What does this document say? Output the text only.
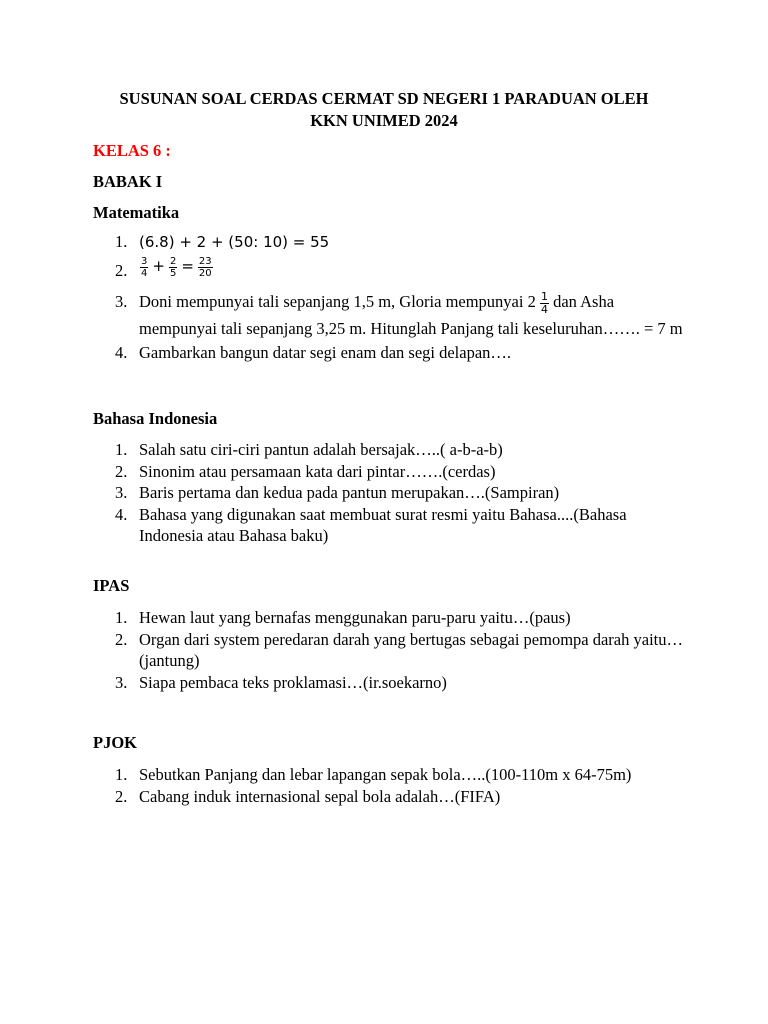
SUSUNAN SOAL CERDAS CERMAT SD NEGERI 1 PARADUAN OLEH
KKN UNIMED 2024
KELAS 6 :
BABAK I
Matematika
1. (6.8) + 2 + (50: 10) = 55
2. $\frac{3}{4} + \frac{2}{5} = \frac{23}{20}$
3. Doni mempunyai tali sepanjang 1,5 m, Gloria mempunyai $2 \frac{1}{4}$ dan Asha mempunyai tali sepanjang 3,25 m. Hitunglah Panjang tali keseluruhan……. = 7 m
4. Gambarkan bangun datar segi enam dan segi delapan….
Bahasa Indonesia
1. Salah satu ciri-ciri pantun adalah bersajak…..( a-b-a-b)
2. Sinonim atau persamaan kata dari pintar…….(cerdas)
3. Baris pertama dan kedua pada pantun merupakan….(Sampiran)
4. Bahasa yang digunakan saat membuat surat resmi yaitu Bahasa....(Bahasa Indonesia atau Bahasa baku)
IPAS
1. Hewan laut yang bernafas menggunakan paru-paru yaitu…(paus)
2. Organ dari system peredaran darah yang bertugas sebagai pemompa darah yaitu…(jantung)
3. Siapa pembaca teks proklamasi…(ir.soekarno)
PJOK
1. Sebutkan Panjang dan lebar lapangan sepak bola…..(100-110m x 64-75m)
2. Cabang induk internasional sepal bola adalah…(FIFA)
